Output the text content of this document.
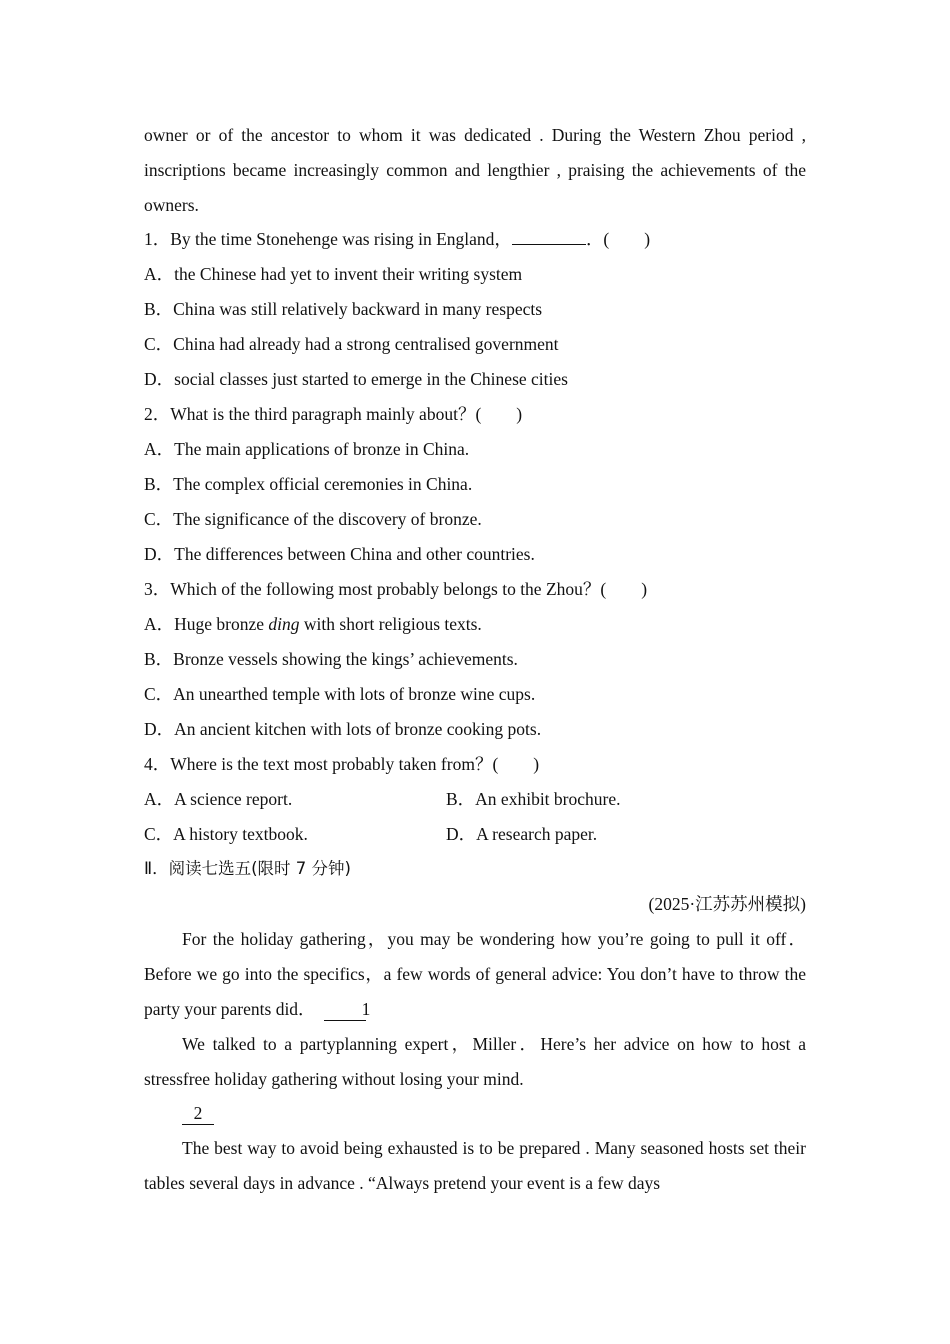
owner or of the ancestor to whom it was dedicated . During the Western Zhou period , inscriptions became increasingly common and lengthier , praising the achievements of the owners.
1．By the time Stonehenge was rising in England，	．(　　)
A．the Chinese had yet to invent their writing system
B．China was still relatively backward in many respects
C．China had already had a strong centralised government
D．social classes just started to emerge in the Chinese cities
2．What is the third paragraph mainly about？(　　)
A．The main applications of bronze in China.
B．The complex official ceremonies in China.
C．The significance of the discovery of bronze.
D．The differences between China and other countries.
3．Which of the following most probably belongs to the Zhou？(　　)
A．Huge bronze ding with short religious texts.
B．Bronze vessels showing the kings’ achievements.
C．An unearthed temple with lots of bronze wine cups.
D．An ancient kitchen with lots of bronze cooking pots.
4．Where is the text most probably taken from？(　　)
A．A science report.	B．An exhibit brochure.
C．A history textbook.	D．A research paper.
Ⅱ．阅读七选五(限时 7 分钟)
(2025·江苏苏州模拟)
For the holiday gathering，you may be wondering how you’re going to pull it off．Before we go into the specifics，a few words of general advice: You don’t have to throw the party your parents did．	1
We talked to a partyplanning expert，Miller．Here’s her advice on how to host a stressfree holiday gathering without losing your mind.
2
The best way to avoid being exhausted is to be prepared . Many seasoned hosts set their tables several days in advance . “Always pretend your event is a few days
